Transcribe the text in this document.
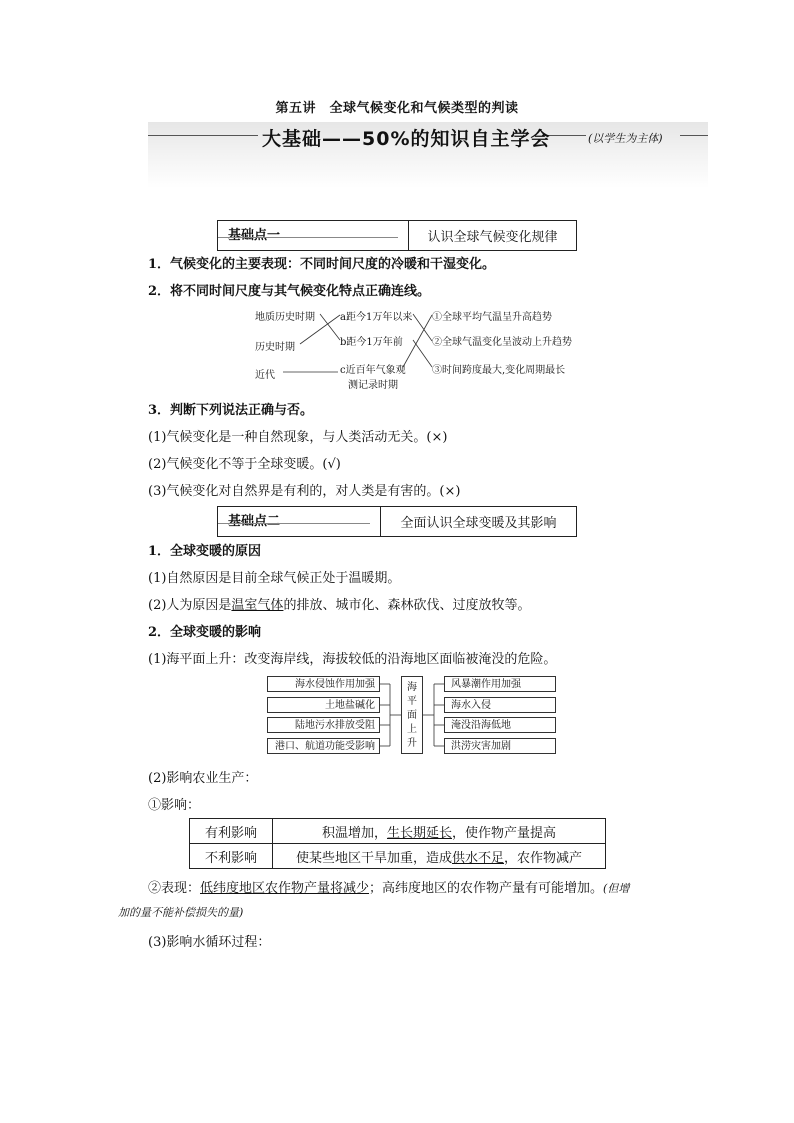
第五讲　全球气候变化和气候类型的判读
大基础——50%的知识自主学会	(以学生为主体)
基础点一	认识全球气候变化规律
1．气候变化的主要表现：不同时间尺度的冷暖和干湿变化。
2．将不同时间尺度与其气候变化特点正确连线。
地质历史时期
历史时期
近代
a距今1万年以来
b距今1万年前
c近百年气象观
测记录时期
①全球平均气温呈升高趋势
②全球气温变化呈波动上升趋势
③时间跨度最大,变化周期最长
3．判断下列说法正确与否。
(1)气候变化是一种自然现象，与人类活动无关。(×)
(2)气候变化不等于全球变暖。(√)
(3)气候变化对自然界是有利的，对人类是有害的。(×)
基础点二	全面认识全球变暖及其影响
1．全球变暖的原因
(1)自然原因是目前全球气候正处于温暖期。
(2)人为原因是温室气体的排放、城市化、森林砍伐、过度放牧等。
2．全球变暖的影响
(1)海平面上升：改变海岸线，海拔较低的沿海地区面临被淹没的危险。
海水侵蚀作用加强
土地盐碱化
陆地污水排放受阻
港口、航道功能受影响
海
平
面
上
升
风暴潮作用加强
海水入侵
淹没沿海低地
洪涝灾害加剧
(2)影响农业生产：
①影响：
有利影响	积温增加，生长期延长，使作物产量提高
不利影响	使某些地区干旱加重，造成供水不足，农作物减产
②表现：低纬度地区农作物产量将减少；高纬度地区的农作物产量有可能增加。(但增
加的量不能补偿损失的量)
(3)影响水循环过程：
